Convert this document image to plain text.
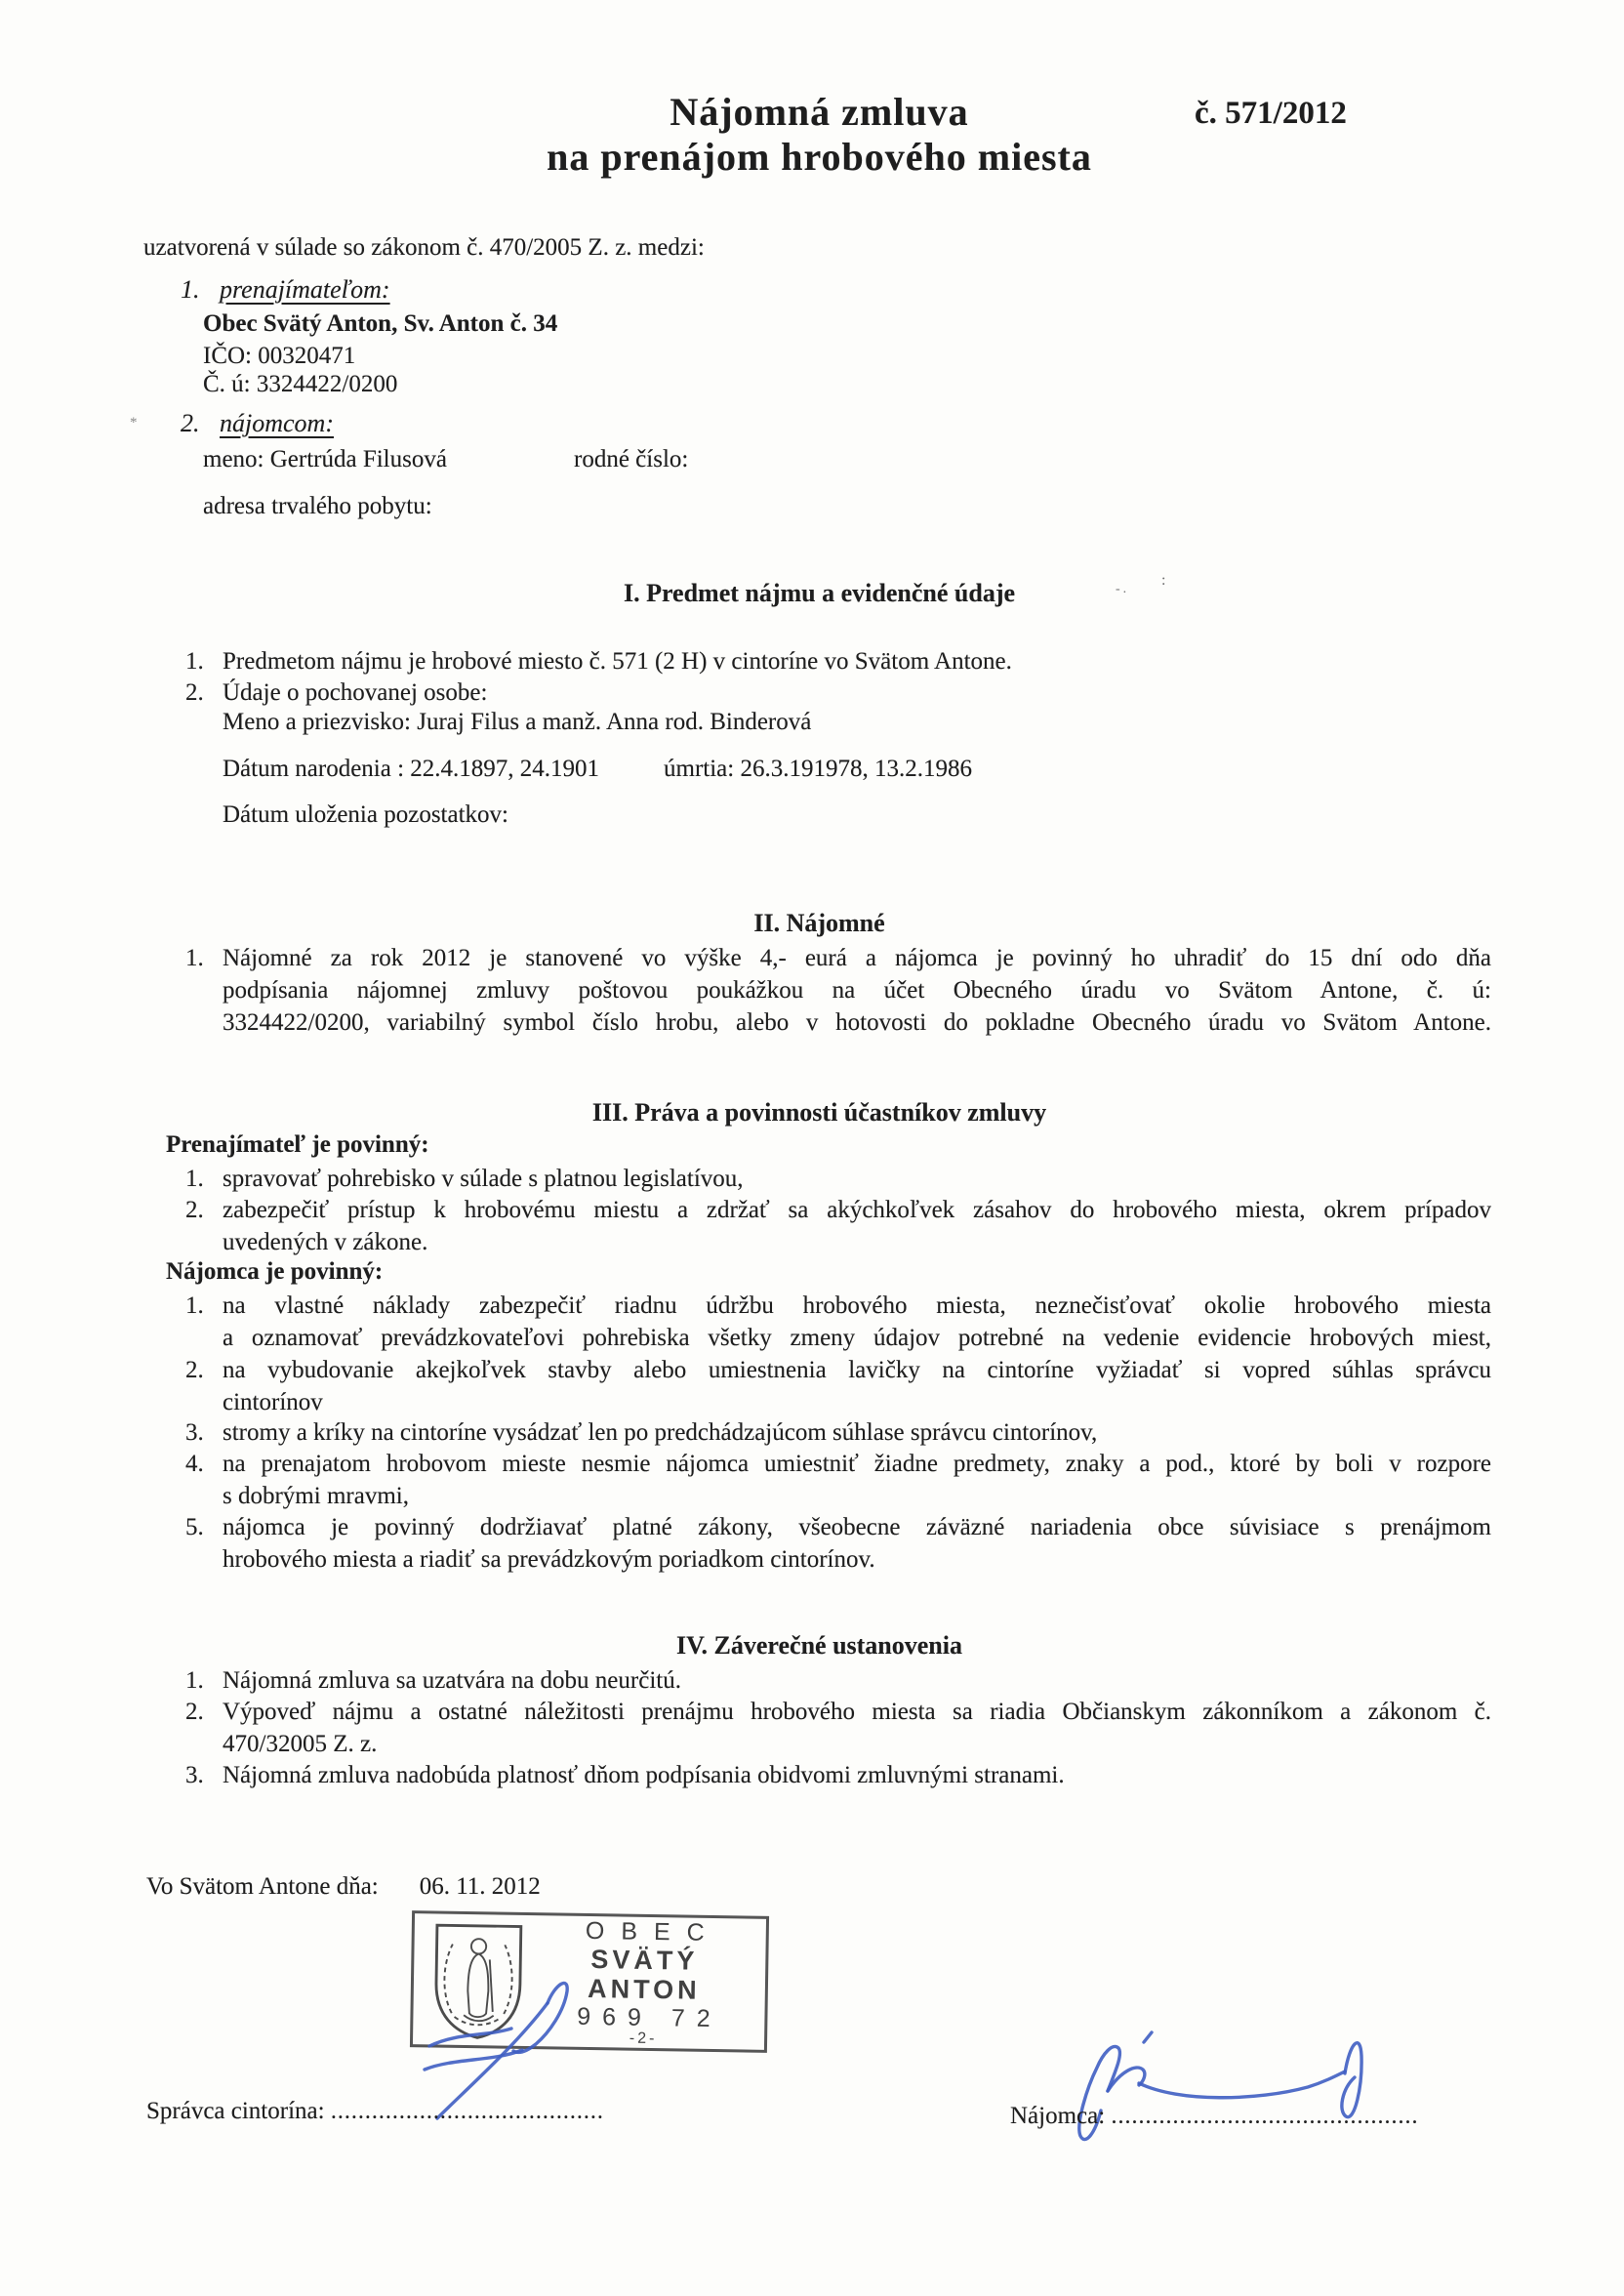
Nájomná zmluva
na prenájom hrobového miesta
č. 571/2012
uzatvorená v súlade so zákonom č. 470/2005 Z. z. medzi:
1. prenajímateľom:
Obec Svätý Anton, Sv. Anton č. 34
IČO: 00320471
Č. ú: 3324422/0200
* 2. nájomcom:
meno: Gertrúda Filusová	rodné číslo:
adresa trvalého pobytu:
I. Predmet nájmu a evidenčné údaje	-.
:
1. Predmetom nájmu je hrobové miesto č. 571 (2 H) v cintoríne vo Svätom Antone.
2. Údaje o pochovanej osobe:
Meno a priezvisko: Juraj Filus a manž. Anna rod. Binderová
Dátum narodenia : 22.4.1897, 24.1901	úmrtia: 26.3.191978, 13.2.1986
Dátum uloženia pozostatkov:
II. Nájomné
1. Nájomné za rok 2012 je stanovené vo výške 4,- eurá a nájomca je povinný ho uhradiť do 15 dní odo dňa
podpísania nájomnej zmluvy poštovou poukážkou na účet Obecného úradu vo Svätom Antone, č. ú:
3324422/0200, variabilný symbol číslo hrobu, alebo v hotovosti do pokladne Obecného úradu vo Svätom Antone.
III. Práva a povinnosti účastníkov zmluvy
Prenajímateľ je povinný:
1. spravovať pohrebisko v súlade s platnou legislatívou,
2. zabezpečiť prístup k hrobovému miestu a zdržať sa akýchkoľvek zásahov do hrobového miesta, okrem prípadov
uvedených v zákone.
Nájomca je povinný:
1. na vlastné náklady zabezpečiť riadnu údržbu hrobového miesta, neznečisťovať okolie hrobového miesta
a oznamovať prevádzkovateľovi pohrebiska všetky zmeny údajov potrebné na vedenie evidencie hrobových miest,
2. na vybudovanie akejkoľvek stavby alebo umiestnenia lavičky na cintoríne vyžiadať si vopred súhlas správcu
cintorínov
3. stromy a kríky na cintoríne vysádzať len po predchádzajúcom súhlase správcu cintorínov,
4. na prenajatom hrobovom mieste nesmie nájomca umiestniť žiadne predmety, znaky a pod., ktoré by boli v rozpore
s dobrými mravmi,
5. nájomca je povinný dodržiavať platné zákony, všeobecne záväzné nariadenia obce súvisiace s prenájmom
hrobového miesta a riadiť sa prevádzkovým poriadkom cintorínov.
IV. Záverečné ustanovenia
1. Nájomná zmluva sa uzatvára na dobu neurčitú.
2. Výpoveď nájmu a ostatné náležitosti prenájmu hrobového miesta sa riadia Občianskym zákonníkom a zákonom č.
470/32005 Z. z.
3. Nájomná zmluva nadobúda platnosť dňom podpísania obidvomi zmluvnými stranami.
Vo Svätom Antone dňa: 06. 11. 2012
OBEC
SVÄTÝ ANTON
969 72
-2-
Správca cintorína: ........................................	Nájomca: .............................................
